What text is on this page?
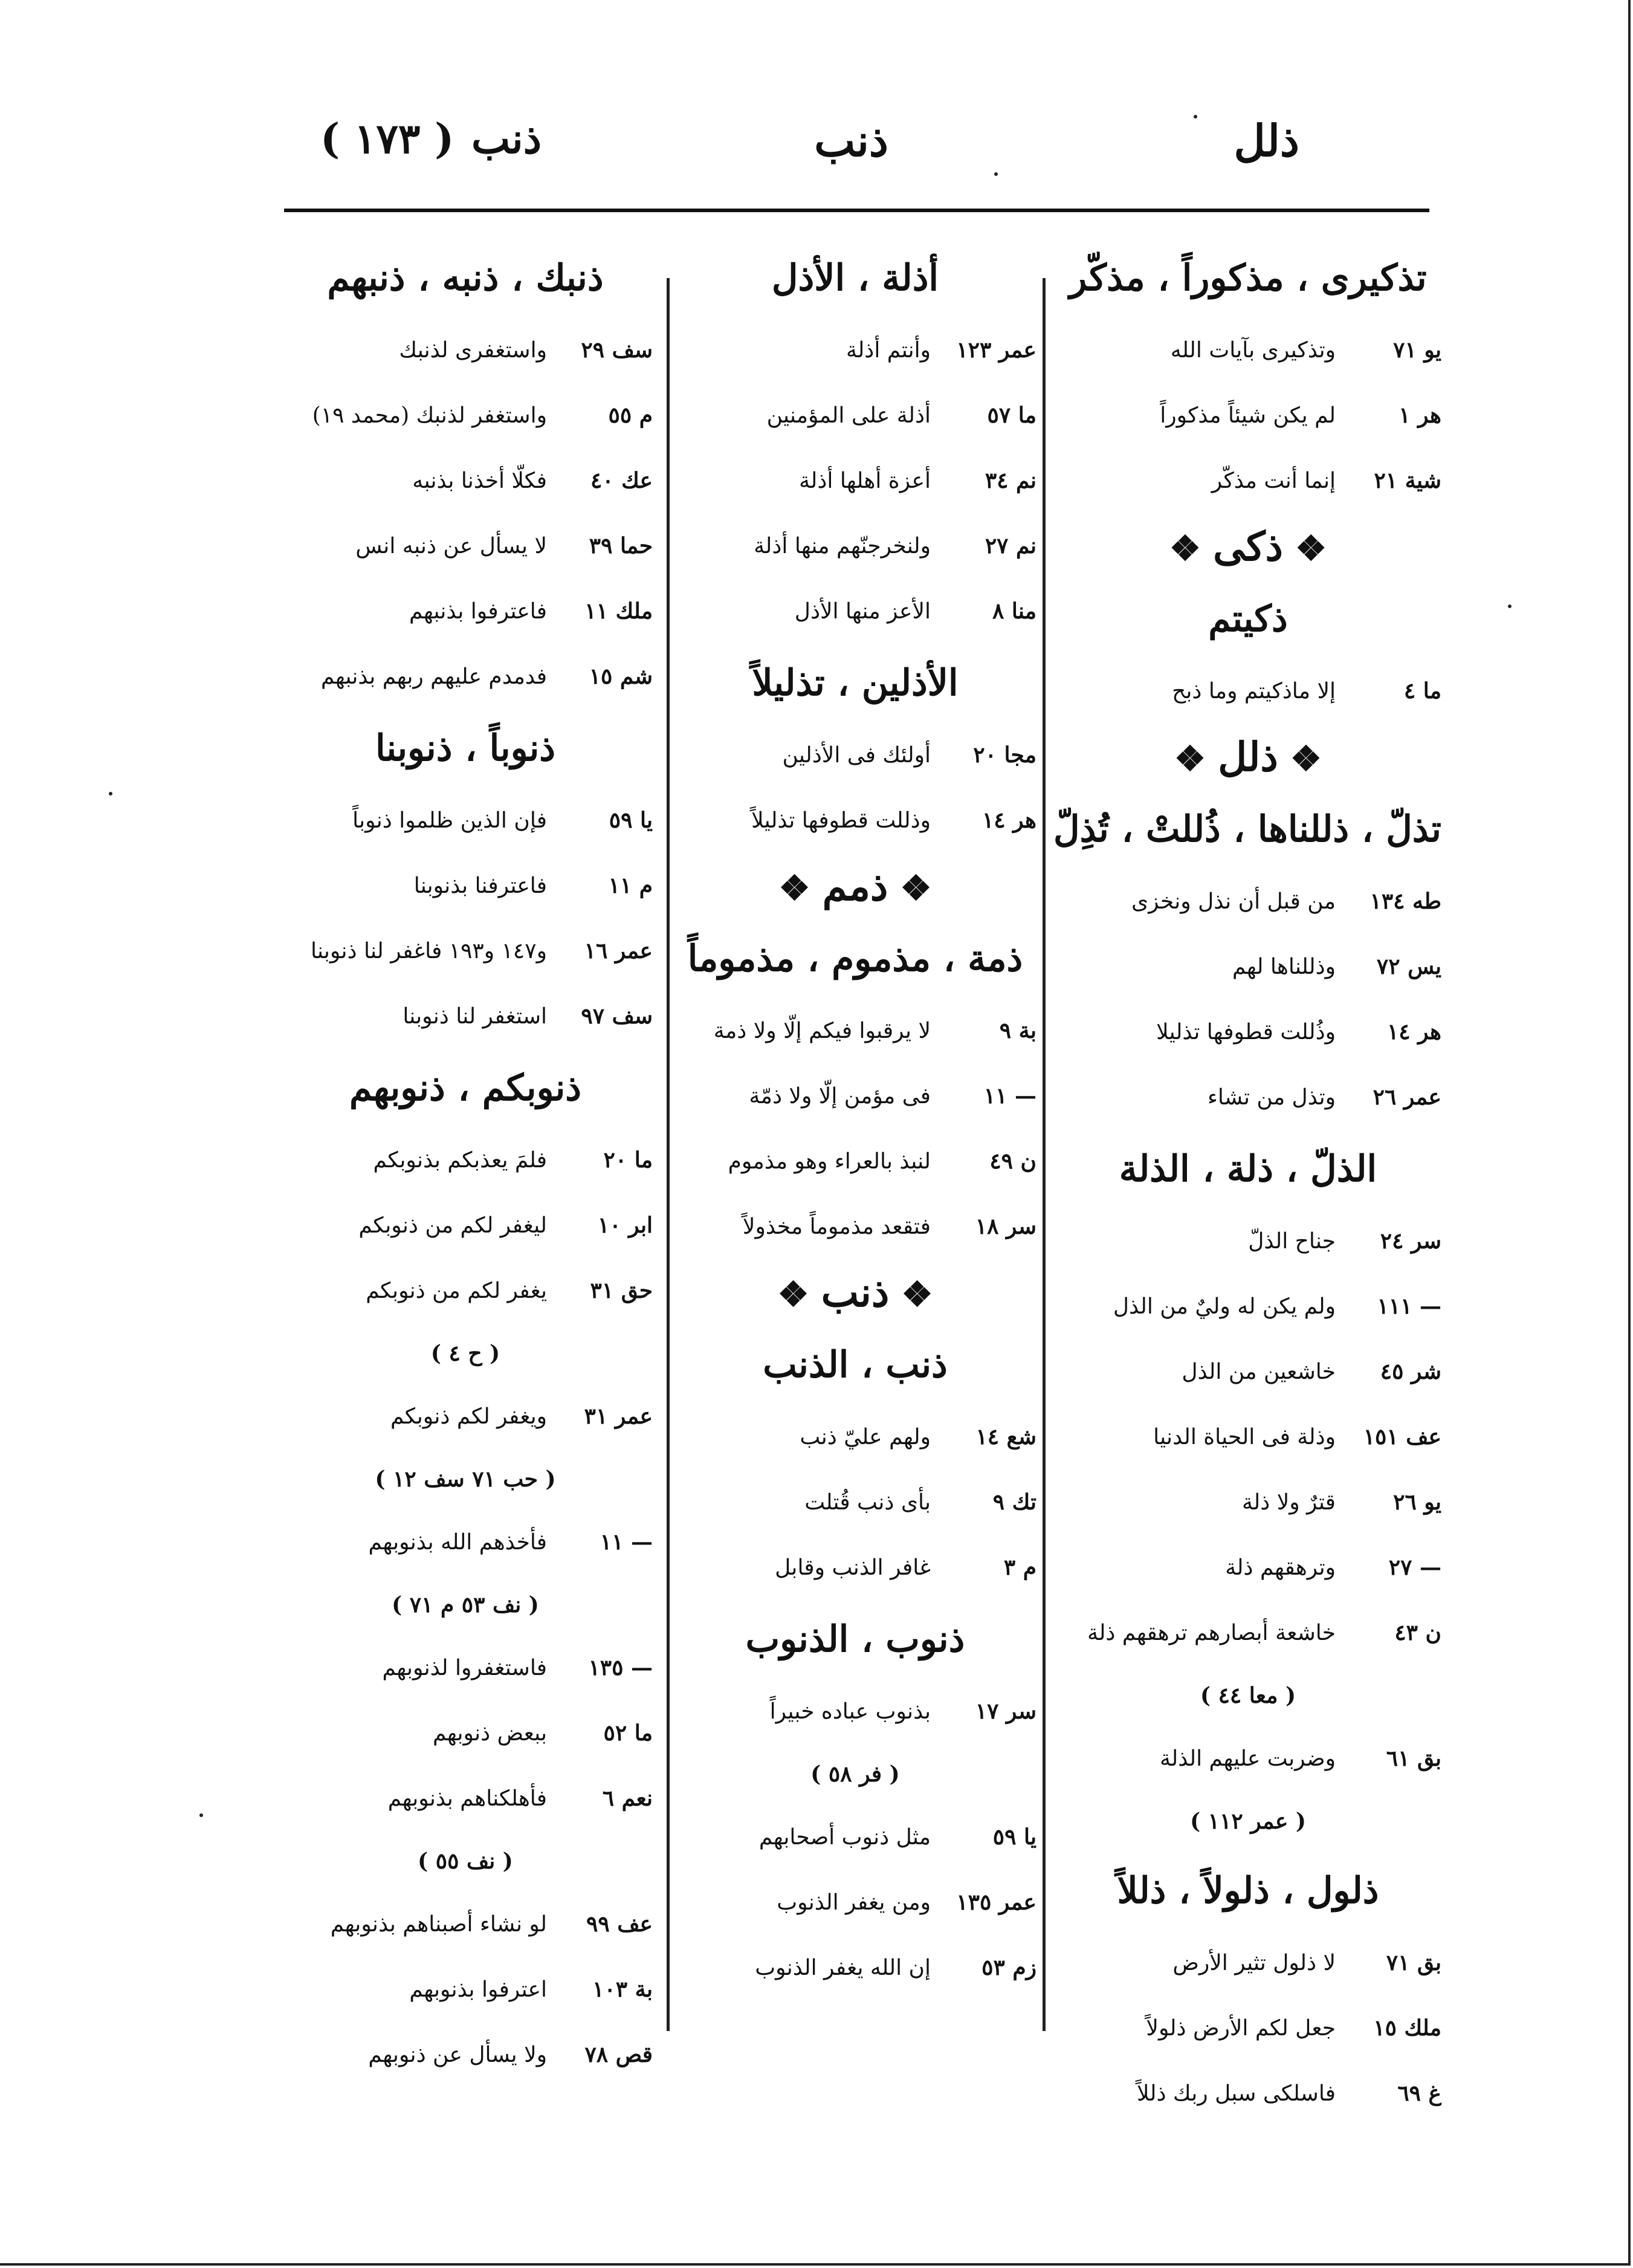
ذلل
ذنب
ذنب
( ١٧٣ )
تذكيرى ، مذكوراً ، مذكّر
يو ٧١وتذكيرى بآيات الله
هر ١لم يكن شيئاً مذكوراً
شية ٢١إنما أنت مذكّر
❖ ذكى ❖
ذكيتم
ما ٤إلا ماذكيتم وما ذبح
❖ ذلل ❖
تذلّ ، ذللناها ، ذُللتْ ، تُذِلّ
طه ١٣٤من قبل أن نذل ونخزى
يس ٧٢وذللناها لهم
هر ١٤وذُللت قطوفها تذليلا
عمر ٢٦وتذل من تشاء
الذلّ ، ذلة ، الذلة
سر ٢٤جناح الذلّ
— ١١١ولم يكن له وليٌ من الذل
شر ٤٥خاشعين من الذل
عف ١٥١وذلة فى الحياة الدنيا
يو ٢٦قترٌ ولا ذلة
— ٢٧وترهقهم ذلة
ن ٤٣خاشعة أبصارهم ترهقهم ذلة
( معا ٤٤ )
بق ٦١وضربت عليهم الذلة
( عمر ١١٢ )
ذلول ، ذلولاً ، ذللاً
بق ٧١لا ذلول تثير الأرض
ملك ١٥جعل لكم الأرض ذلولاً
غ ٦٩فاسلكى سبل ربك ذللاً
أذلة ، الأذل
عمر ١٢٣وأنتم أذلة
ما ٥٧أذلة على المؤمنين
نم ٣٤أعزة أهلها أذلة
نم ٢٧ولنخرجنّهم منها أذلة
منا ٨الأعز منها الأذل
الأذلين ، تذليلاً
مجا ٢٠أولئك فى الأذلين
هر ١٤وذللت قطوفها تذليلاً
❖ ذمم ❖
ذمة ، مذموم ، مذموماً
بة ٩لا يرقبوا فيكم إلّا ولا ذمة
— ١١فى مؤمن إلّا ولا ذمّة
ن ٤٩لنبذ بالعراء وهو مذموم
سر ١٨فتقعد مذموماً مخذولاً
❖ ذنب ❖
ذنب ، الذنب
شع ١٤ولهم عليّ ذنب
تك ٩بأى ذنب قُتلت
م ٣غافر الذنب وقابل
ذنوب ، الذنوب
سر ١٧بذنوب عباده خبيراً
( فر ٥٨ )
يا ٥٩مثل ذنوب أصحابهم
عمر ١٣٥ومن يغفر الذنوب
زم ٥٣إن الله يغفر الذنوب
ذنبك ، ذنبه ، ذنبهم
سف ٢٩واستغفرى لذنبك
م ٥٥واستغفر لذنبك (محمد ١٩)
عك ٤٠فكلّا أخذنا بذنبه
حما ٣٩لا يسأل عن ذنبه انس
ملك ١١فاعترفوا بذنبهم
شم ١٥فدمدم عليهم ربهم بذنبهم
ذنوباً ، ذنوبنا
يا ٥٩فإن الذين ظلموا ذنوباً
م ١١فاعترفنا بذنوبنا
عمر ١٦و١٤٧ و١٩٣ فاغفر لنا ذنوبنا
سف ٩٧استغفر لنا ذنوبنا
ذنوبكم ، ذنوبهم
ما ٢٠فلمَ يعذبكم بذنوبكم
ابر ١٠ليغفر لكم من ذنوبكم
حق ٣١يغفر لكم من ذنوبكم
( ح ٤ )
عمر ٣١ويغفر لكم ذنوبكم
( حب ٧١ سف ١٢ )
— ١١فأخذهم الله بذنوبهم
( نف ٥٣ م ٧١ )
— ١٣٥فاستغفروا لذنوبهم
ما ٥٢ببعض ذنوبهم
نعم ٦فأهلكناهم بذنوبهم
( نف ٥٥ )
عف ٩٩لو نشاء أصبناهم بذنوبهم
بة ١٠٣اعترفوا بذنوبهم
قص ٧٨ولا يسأل عن ذنوبهم
